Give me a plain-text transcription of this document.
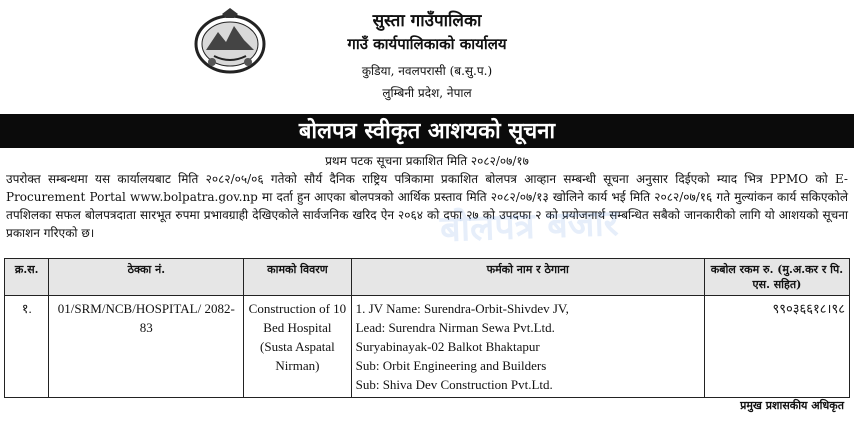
सुस्ता गाउँपालिका
गाउँ कार्यपालिकाको कार्यालय
कुडिया, नवलपरासी (ब.सु.प.)
लुम्बिनी प्रदेश, नेपाल
बोलपत्र स्वीकृत आशयको सूचना
प्रथम पटक सूचना प्रकाशित मिति २०८२/०७/१७
उपरोक्त सम्बन्धमा यस कार्यालयबाट मिति २०८२/०५/०६ गतेको सौर्य दैनिक राष्ट्रिय पत्रिकामा प्रकाशित बोलपत्र आव्हान सम्बन्धी सूचना अनुसार दिईएको म्याद भित्र PPMO को E-Procurement Portal www.bolpatra.gov.np मा दर्ता हुन आएका बोलपत्रको आर्थिक प्रस्ताव मिति २०८२/०७/१३ खोलिने कार्य भई मिति २०८२/०७/१६ गते मुल्यांकन कार्य सकिएकोले तपशिलका सफल बोलपत्रदाता सारभूत रुपमा प्रभावग्राही देखिएकोले सार्वजनिक खरिद ऐन २०६४ को दफा २७ को उपदफा २ को प्रयोजनार्थ सम्बन्धित सबैको जानकारीको लागि यो आशयको सूचना प्रकाशन गरिएको छ।	बोलपत्र बजार
क्र.स.	ठेक्का नं.	कामको विवरण	फर्मको नाम र ठेगाना	कबोल रकम रु. (मु.अ.कर र पि. एस. सहित)
१.	01/SRM/NCB/HOSPITAL/ 2082-83	Construction of 10 Bed Hospital (Susta Aspatal Nirman)	1. JV Name: Surendra-Orbit-Shivdev JV,
Lead: Surendra Nirman Sewa Pvt.Ltd.
Suryabinayak-02 Balkot Bhaktapur
Sub: Orbit Engineering and Builders
Sub: Shiva Dev Construction Pvt.Ltd.	९९०३६६१८।९८
प्रमुख प्रशासकीय अधिकृत
